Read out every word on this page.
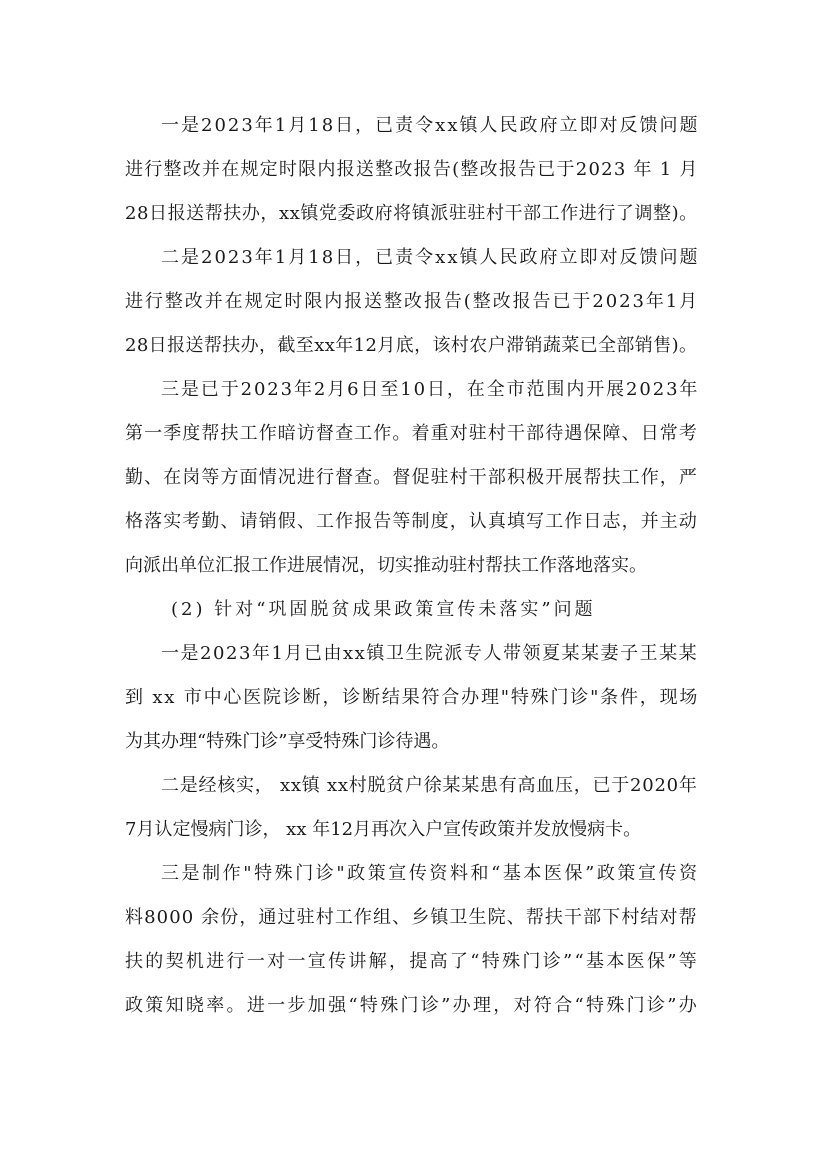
一是2023年1月18日，已责令xx镇人民政府立即对反馈问题
进行整改并在规定时限内报送整改报告(整改报告已于2023 年 1 月
28日报送帮扶办，xx镇党委政府将镇派驻驻村干部工作进行了调整)。
二是2023年1月18日，已责令xx镇人民政府立即对反馈问题
进行整改并在规定时限内报送整改报告(整改报告已于2023年1月
28日报送帮扶办，截至xx年12月底，该村农户滞销蔬菜已全部销售)。
三是已于2023年2月6日至10日，在全市范围内开展2023年
第一季度帮扶工作暗访督查工作。着重对驻村干部待遇保障、日常考
勤、在岗等方面情况进行督查。督促驻村干部积极开展帮扶工作，严
格落实考勤、请销假、工作报告等制度，认真填写工作日志，并主动
向派出单位汇报工作进展情况，切实推动驻村帮扶工作落地落实。
(2) 针对“巩固脱贫成果政策宣传未落实”问题
一是2023年1月已由xx镇卫生院派专人带领夏某某妻子王某某
到 xx 市中心医院诊断，诊断结果符合办理"特殊门诊"条件，现场
为其办理“特殊门诊”享受特殊门诊待遇。
二是经核实， xx镇 xx村脱贫户徐某某患有高血压，已于2020年
7月认定慢病门诊， xx 年12月再次入户宣传政策并发放慢病卡。
三是制作"特殊门诊"政策宣传资料和“基本医保”政策宣传资
料8000 余份，通过驻村工作组、乡镇卫生院、帮扶干部下村结对帮
扶的契机进行一对一宣传讲解，提高了“特殊门诊”“基本医保”等
政策知晓率。进一步加强“特殊门诊”办理，对符合“特殊门诊”办
